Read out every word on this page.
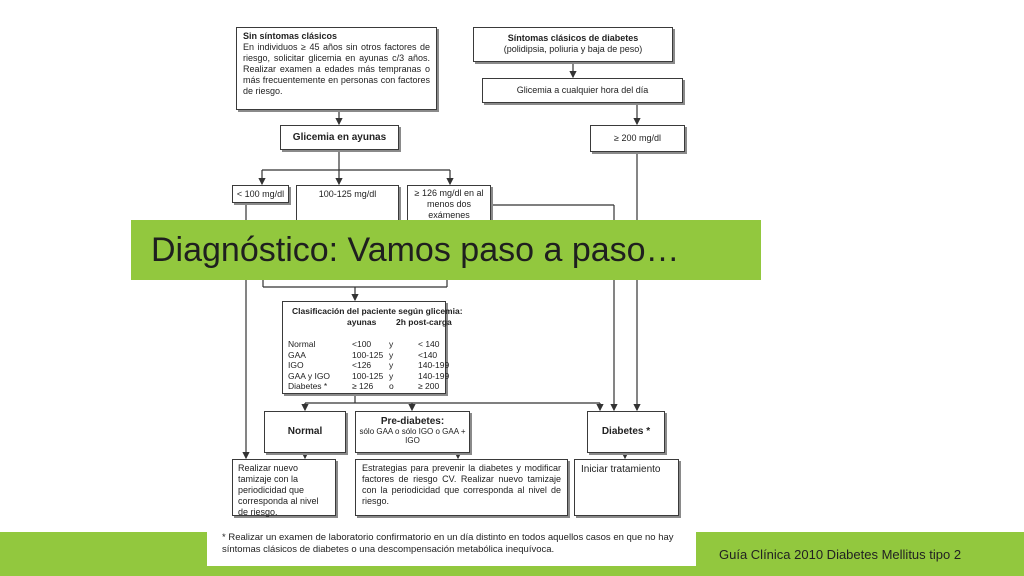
Sin síntomas clásicos
En individuos ≥ 45 años sin otros factores de riesgo, solicitar glicemia en ayunas c/3 años. Realizar examen a edades más tempranas o más frecuentemente en personas con factores de riesgo.
Síntomas clásicos de diabetes
(polidipsia, poliuria y baja de peso)
Glicemia a cualquier hora del día
≥ 200 mg/dl
Glicemia en ayunas
< 100 mg/dl	100-125 mg/dl	≥ 126 mg/dl en al menos dos exámenes
Clasificación del paciente según glicemia:
ayunas 2h post-carga
Normal	<100 y	< 140
GAA	100-125 y	<140
IGO	<126 y	140-199
GAA y IGO	100-125 y	140-199
Diabetes *	≥ 126 o	≥ 200
Normal
Pre-diabetes:
sólo GAA o sólo IGO o GAA + IGO
Diabetes *
Realizar nuevo tamizaje con la periodicidad que corresponda al nivel de riesgo.
Estrategias para prevenir la diabetes y modificar factores de riesgo CV. Realizar nuevo tamizaje con la periodicidad que corresponda al nivel de riesgo.
Iniciar tratamiento
* Realizar un examen de laboratorio confirmatorio en un día distinto en todos aquellos casos en que no hay síntomas clásicos de diabetes o una descompensación metabólica inequívoca.
Diagnóstico: Vamos paso a paso…
Guía Clínica 2010 Diabetes Mellitus tipo 2
